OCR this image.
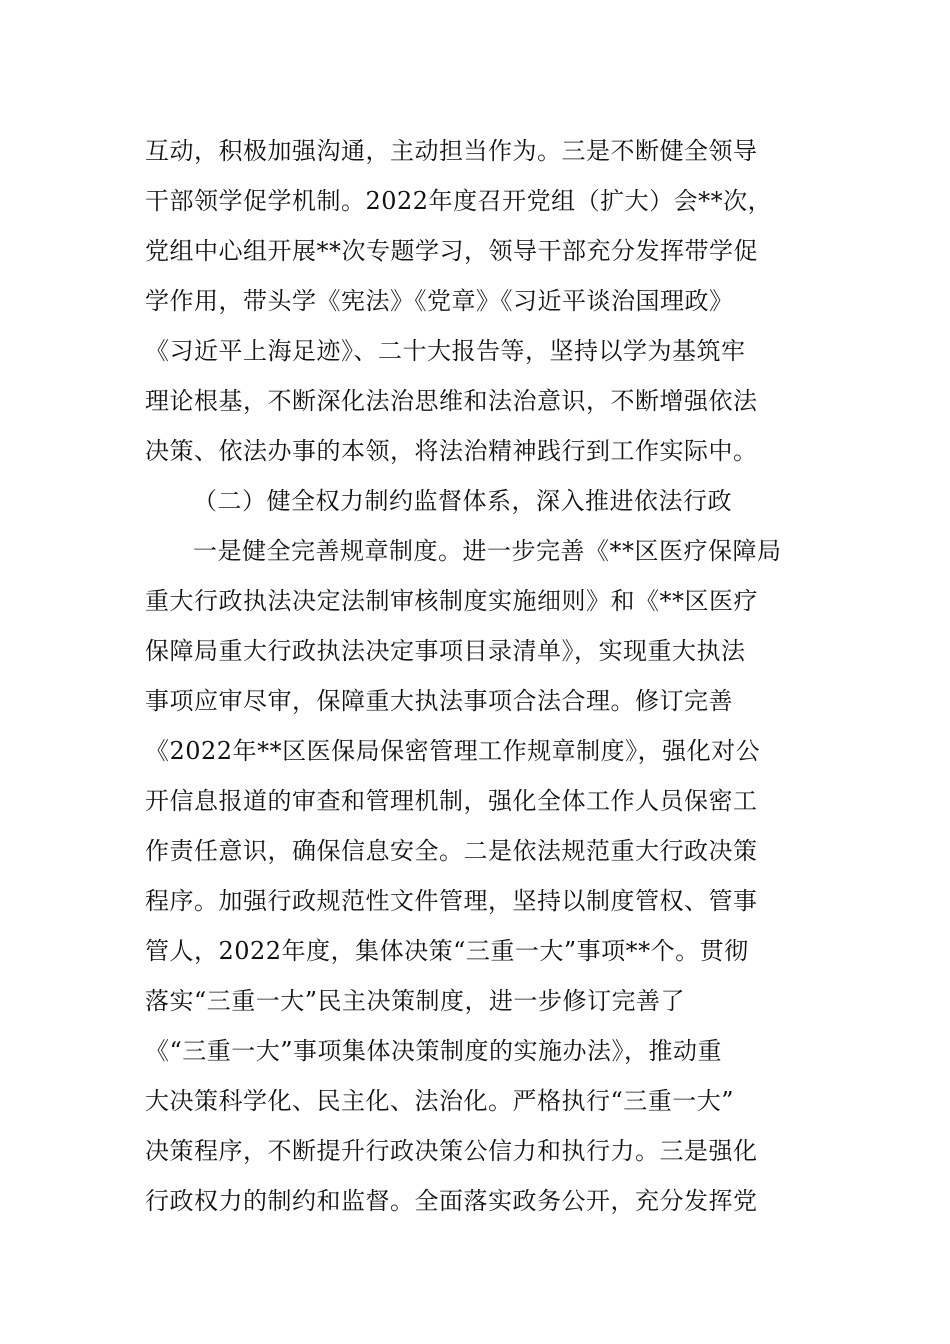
互动，积极加强沟通，主动担当作为。三是不断健全领导
干部领学促学机制。2022年度召开党组（扩大）会**次，
党组中心组开展**次专题学习，领导干部充分发挥带学促
学作用，带头学《宪法》《党章》《习近平谈治国理政》
《习近平上海足迹》、二十大报告等，坚持以学为基筑牢
理论根基，不断深化法治思维和法治意识，不断增强依法
决策、依法办事的本领，将法治精神践行到工作实际中。
（二）健全权力制约监督体系，深入推进依法行政
一是健全完善规章制度。进一步完善《**区医疗保障局
重大行政执法决定法制审核制度实施细则》和《**区医疗
保障局重大行政执法决定事项目录清单》，实现重大执法
事项应审尽审，保障重大执法事项合法合理。修订完善
《2022年**区医保局保密管理工作规章制度》，强化对公
开信息报道的审查和管理机制，强化全体工作人员保密工
作责任意识，确保信息安全。二是依法规范重大行政决策
程序。加强行政规范性文件管理，坚持以制度管权、管事
管人，2022年度，集体决策“三重一大”事项**个。贯彻
落实“三重一大”民主决策制度，进一步修订完善了
《“三重一大”事项集体决策制度的实施办法》，推动重
大决策科学化、民主化、法治化。严格执行“三重一大”
决策程序，不断提升行政决策公信力和执行力。三是强化
行政权力的制约和监督。全面落实政务公开，充分发挥党
